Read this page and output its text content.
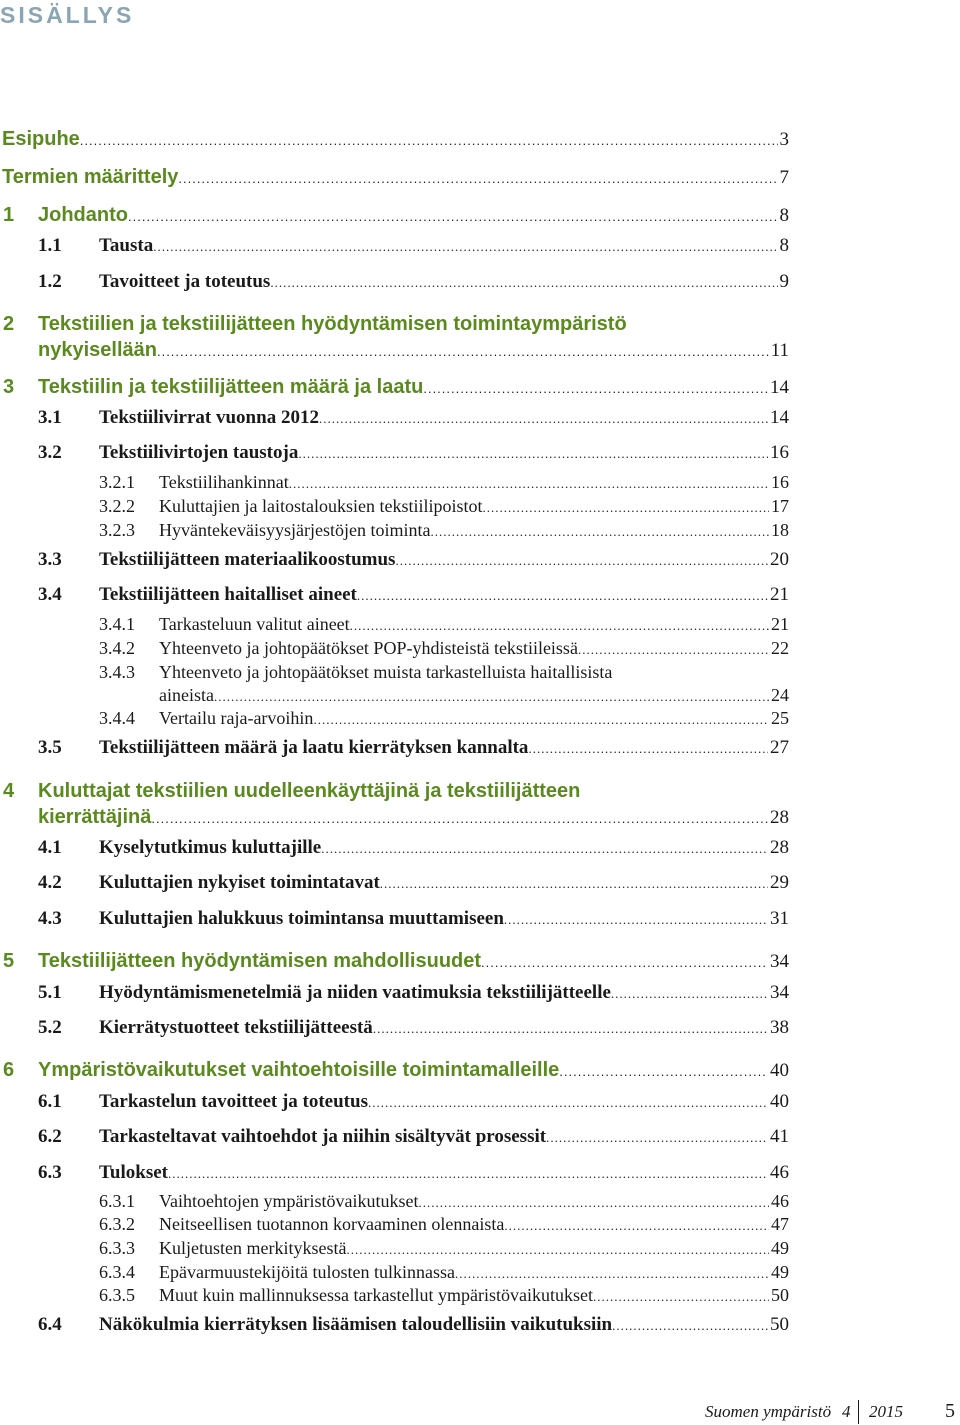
SISÄLLYS
Esipuhe .....	3
Termien määrittely .....	7
1 Johdanto .....	8
1.1 Tausta .....	8
1.2 Tavoitteet ja toteutus .....	9
2 Tekstiilien ja tekstiilijätteen hyödyntämisen toimintaympäristö
nykyisellään .....	11
3 Tekstiilin ja tekstiilijätteen määrä ja laatu .....	14
3.1 Tekstiilivirrat vuonna 2012 .....	14
3.2 Tekstiilivirtojen taustoja .....	16
3.2.1 Tekstiilihankinnat .....	16
3.2.2 Kuluttajien ja laitostalouksien tekstiilipoistot .....	17
3.2.3 Hyväntekeväisyysjärjestöjen toiminta .....	18
3.3 Tekstiilijätteen materiaalikoostumus .....	20
3.4 Tekstiilijätteen haitalliset aineet .....	21
3.4.1 Tarkasteluun valitut aineet .....	21
3.4.2 Yhteenveto ja johtopäätökset POP-yhdisteistä tekstiileissä .....	22
3.4.3 Yhteenveto ja johtopäätökset muista tarkastelluista haitallisista
aineista .....	24
3.4.4 Vertailu raja-arvoihin .....	25
3.5 Tekstiilijätteen määrä ja laatu kierrätyksen kannalta .....	27
4 Kuluttajat tekstiilien uudelleenkäyttäjinä ja tekstiilijätteen
kierrättäjinä .....	28
4.1 Kyselytutkimus kuluttajille .....	28
4.2 Kuluttajien nykyiset toimintatavat .....	29
4.3 Kuluttajien halukkuus toimintansa muuttamiseen .....	31
5 Tekstiilijätteen hyödyntämisen mahdollisuudet .....	34
5.1 Hyödyntämismenetelmiä ja niiden vaatimuksia tekstiilijätteelle .....	34
5.2 Kierrätystuotteet tekstiilijätteestä .....	38
6 Ympäristövaikutukset vaihtoehtoisille toimintamalleille .....	40
6.1 Tarkastelun tavoitteet ja toteutus .....	40
6.2 Tarkasteltavat vaihtoehdot ja niihin sisältyvät prosessit .....	41
6.3 Tulokset .....	46
6.3.1 Vaihtoehtojen ympäristövaikutukset .....	46
6.3.2 Neitseellisen tuotannon korvaaminen olennaista .....	47
6.3.3 Kuljetusten merkityksestä .....	49
6.3.4 Epävarmuustekijöitä tulosten tulkinnassa .....	49
6.3.5 Muut kuin mallinnuksessa tarkastellut ympäristövaikutukset .....	50
6.4 Näkökulmia kierrätyksen lisäämisen taloudellisiin vaikutuksiin .....	50
Suomen ympäristö 4 2015 5
